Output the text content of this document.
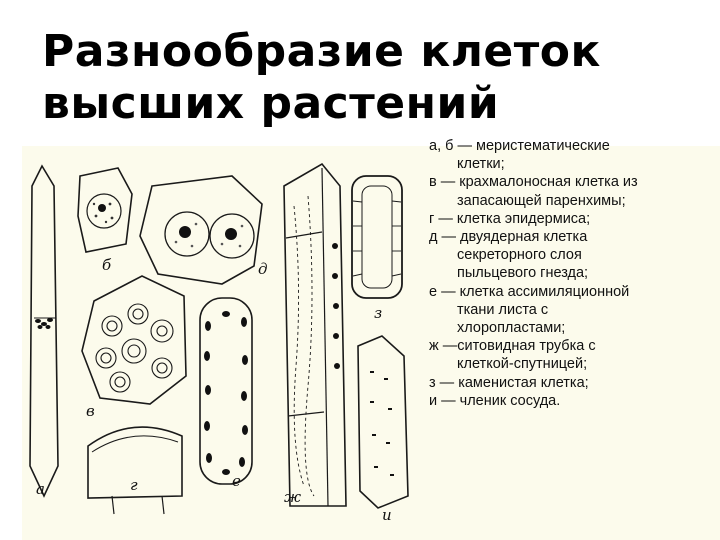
Разнообразие клеток
высших растений
а
б
в
г
д
е
ж
з
и
а, б — меристематические
клетки;
в — крахмалоносная клетка из
запасающей паренхимы;
г — клетка эпидермиса;
д — двуядерная клетка
секреторного слоя
пыльцевого гнезда;
е — клетка ассимиляционной
ткани листа с
хлоропластами;
ж —ситовидная трубка с
клеткой-спутницей;
з — каменистая клетка;
и — членик сосуда.
